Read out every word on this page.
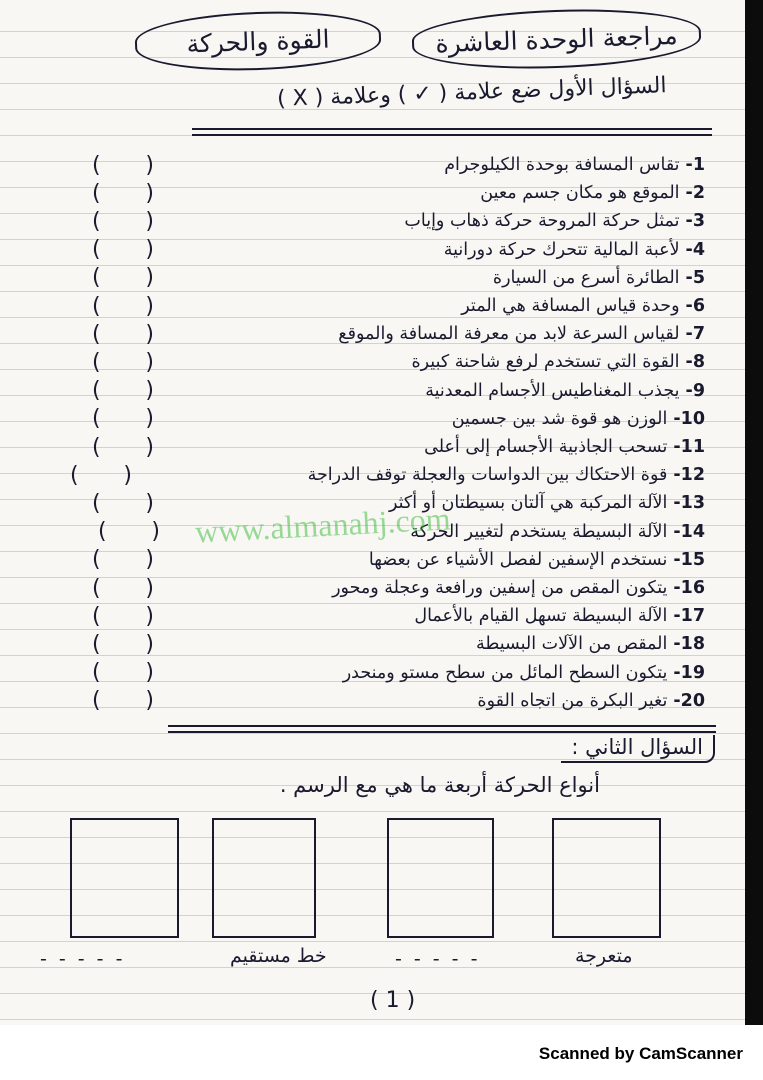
مراجعة الوحدة العاشرة
القوة والحركة
السؤال الأول ضع علامة ( ✓ ) وعلامة ( X )
( )	1-تقاس المسافة بوحدة الكيلوجرام
( )	2-الموقع هو مكان جسم معين
( )	3-تمثل حركة المروحة حركة ذهاب وإياب
( )	4-لأعبة المالية تتحرك حركة دورانية
( )	5-الطائرة أسرع من السيارة
( )	6-وحدة قياس المسافة هي المتر
( )	7-لقياس السرعة لابد من معرفة المسافة والموقع
( )	8-القوة التي تستخدم لرفع شاحنة كبيرة
( )	9-يجذب المغناطيس الأجسام المعدنية
( )	10-الوزن هو قوة شد بين جسمين
( )	11-تسحب الجاذبية الأجسام إلى أعلى
( )	12-قوة الاحتكاك بين الدواسات والعجلة توقف الدراجة
( )	13-الآلة المركبة هي آلتان بسيطتان أو أكثر
( )	14-الآلة البسيطة يستخدم لتغيير الحركة
( )	15-نستخدم الإسفين لفصل الأشياء عن بعضها
( )	16-يتكون المقص من إسفين ورافعة وعجلة ومحور
( )	17-الآلة البسيطة تسهل القيام بالأعمال
( )	18-المقص من الآلات البسيطة
( )	19-يتكون السطح المائل من سطح مستو ومنحدر
( )	20-تغير البكرة من اتجاه القوة
www.almanahj.com
السؤال الثاني :
أنواع الحركة أربعة ما هي مع الرسم .
- - - - -	خط مستقيم	- - - - -	متعرجة
( 1 )
Scanned by CamScanner
